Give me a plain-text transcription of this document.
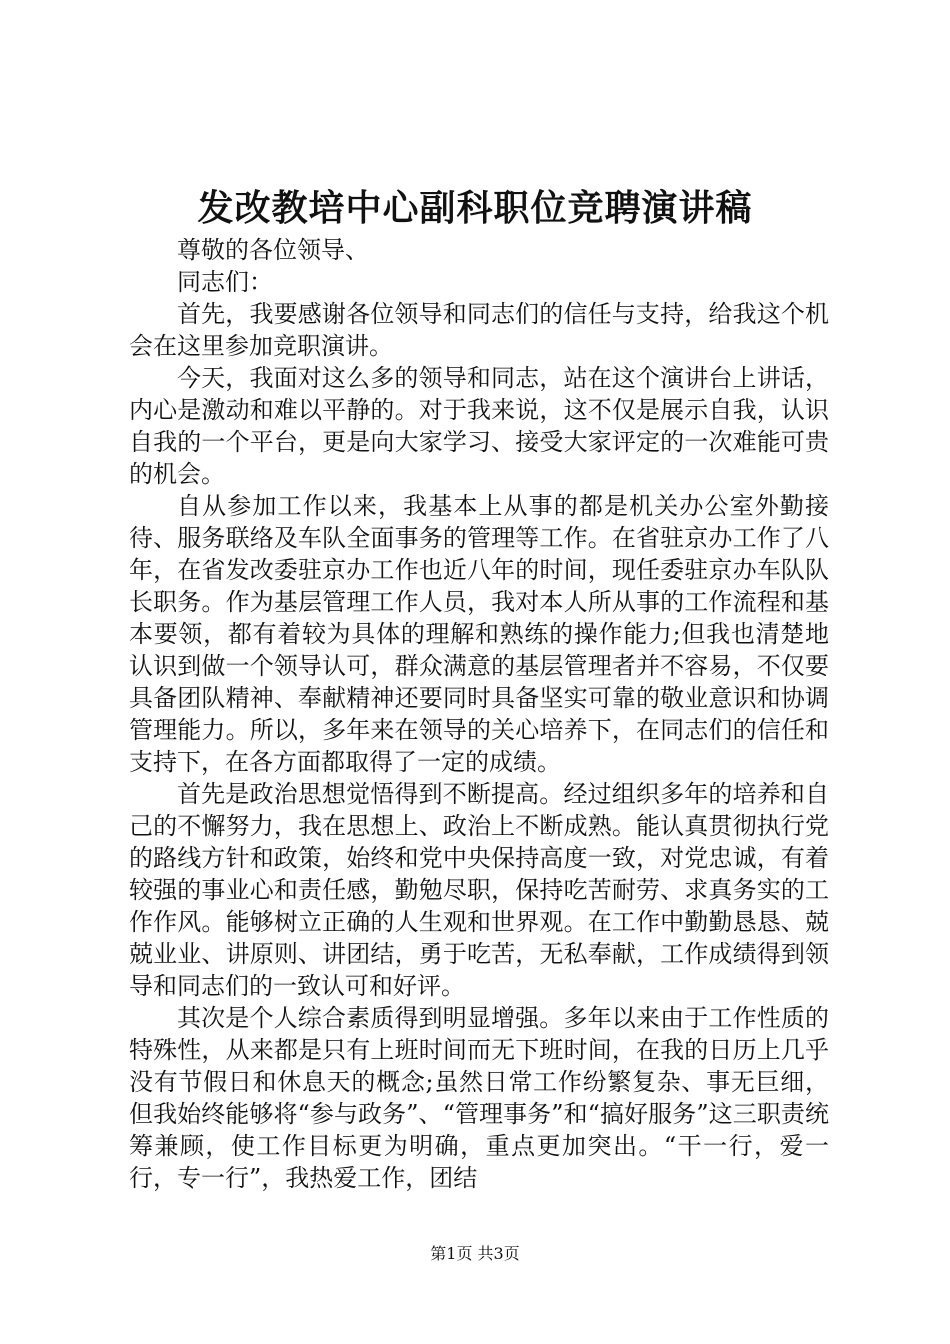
发改教培中心副科职位竞聘演讲稿

尊敬的各位领导、

同志们：

首先，我要感谢各位领导和同志们的信任与支持，给我这个机会在这里参加竞职演讲。

今天，我面对这么多的领导和同志，站在这个演讲台上讲话，内心是激动和难以平静的。对于我来说，这不仅是展示自我，认识自我的一个平台，更是向大家学习、接受大家评定的一次难能可贵的机会。

自从参加工作以来，我基本上从事的都是机关办公室外勤接待、服务联络及车队全面事务的管理等工作。在省驻京办工作了八年，在省发改委驻京办工作也近八年的时间，现任委驻京办车队队长职务。作为基层管理工作人员，我对本人所从事的工作流程和基本要领，都有着较为具体的理解和熟练的操作能力;但我也清楚地认识到做一个领导认可，群众满意的基层管理者并不容易，不仅要具备团队精神、奉献精神还要同时具备坚实可靠的敬业意识和协调管理能力。所以，多年来在领导的关心培养下，在同志们的信任和支持下，在各方面都取得了一定的成绩。

首先是政治思想觉悟得到不断提高。经过组织多年的培养和自己的不懈努力，我在思想上、政治上不断成熟。能认真贯彻执行党的路线方针和政策，始终和党中央保持高度一致，对党忠诚，有着较强的事业心和责任感，勤勉尽职，保持吃苦耐劳、求真务实的工作作风。能够树立正确的人生观和世界观。在工作中勤勤恳恳、兢兢业业、讲原则、讲团结，勇于吃苦，无私奉献，工作成绩得到领导和同志们的一致认可和好评。

其次是个人综合素质得到明显增强。多年以来由于工作性质的特殊性，从来都是只有上班时间而无下班时间，在我的日历上几乎没有节假日和休息天的概念;虽然日常工作纷繁复杂、事无巨细，但我始终能够将“参与政务”、“管理事务”和“搞好服务”这三职责统筹兼顾，使工作目标更为明确，重点更加突出。“干一行，爱一行，专一行”，我热爱工作，团结

第1页 共3页
